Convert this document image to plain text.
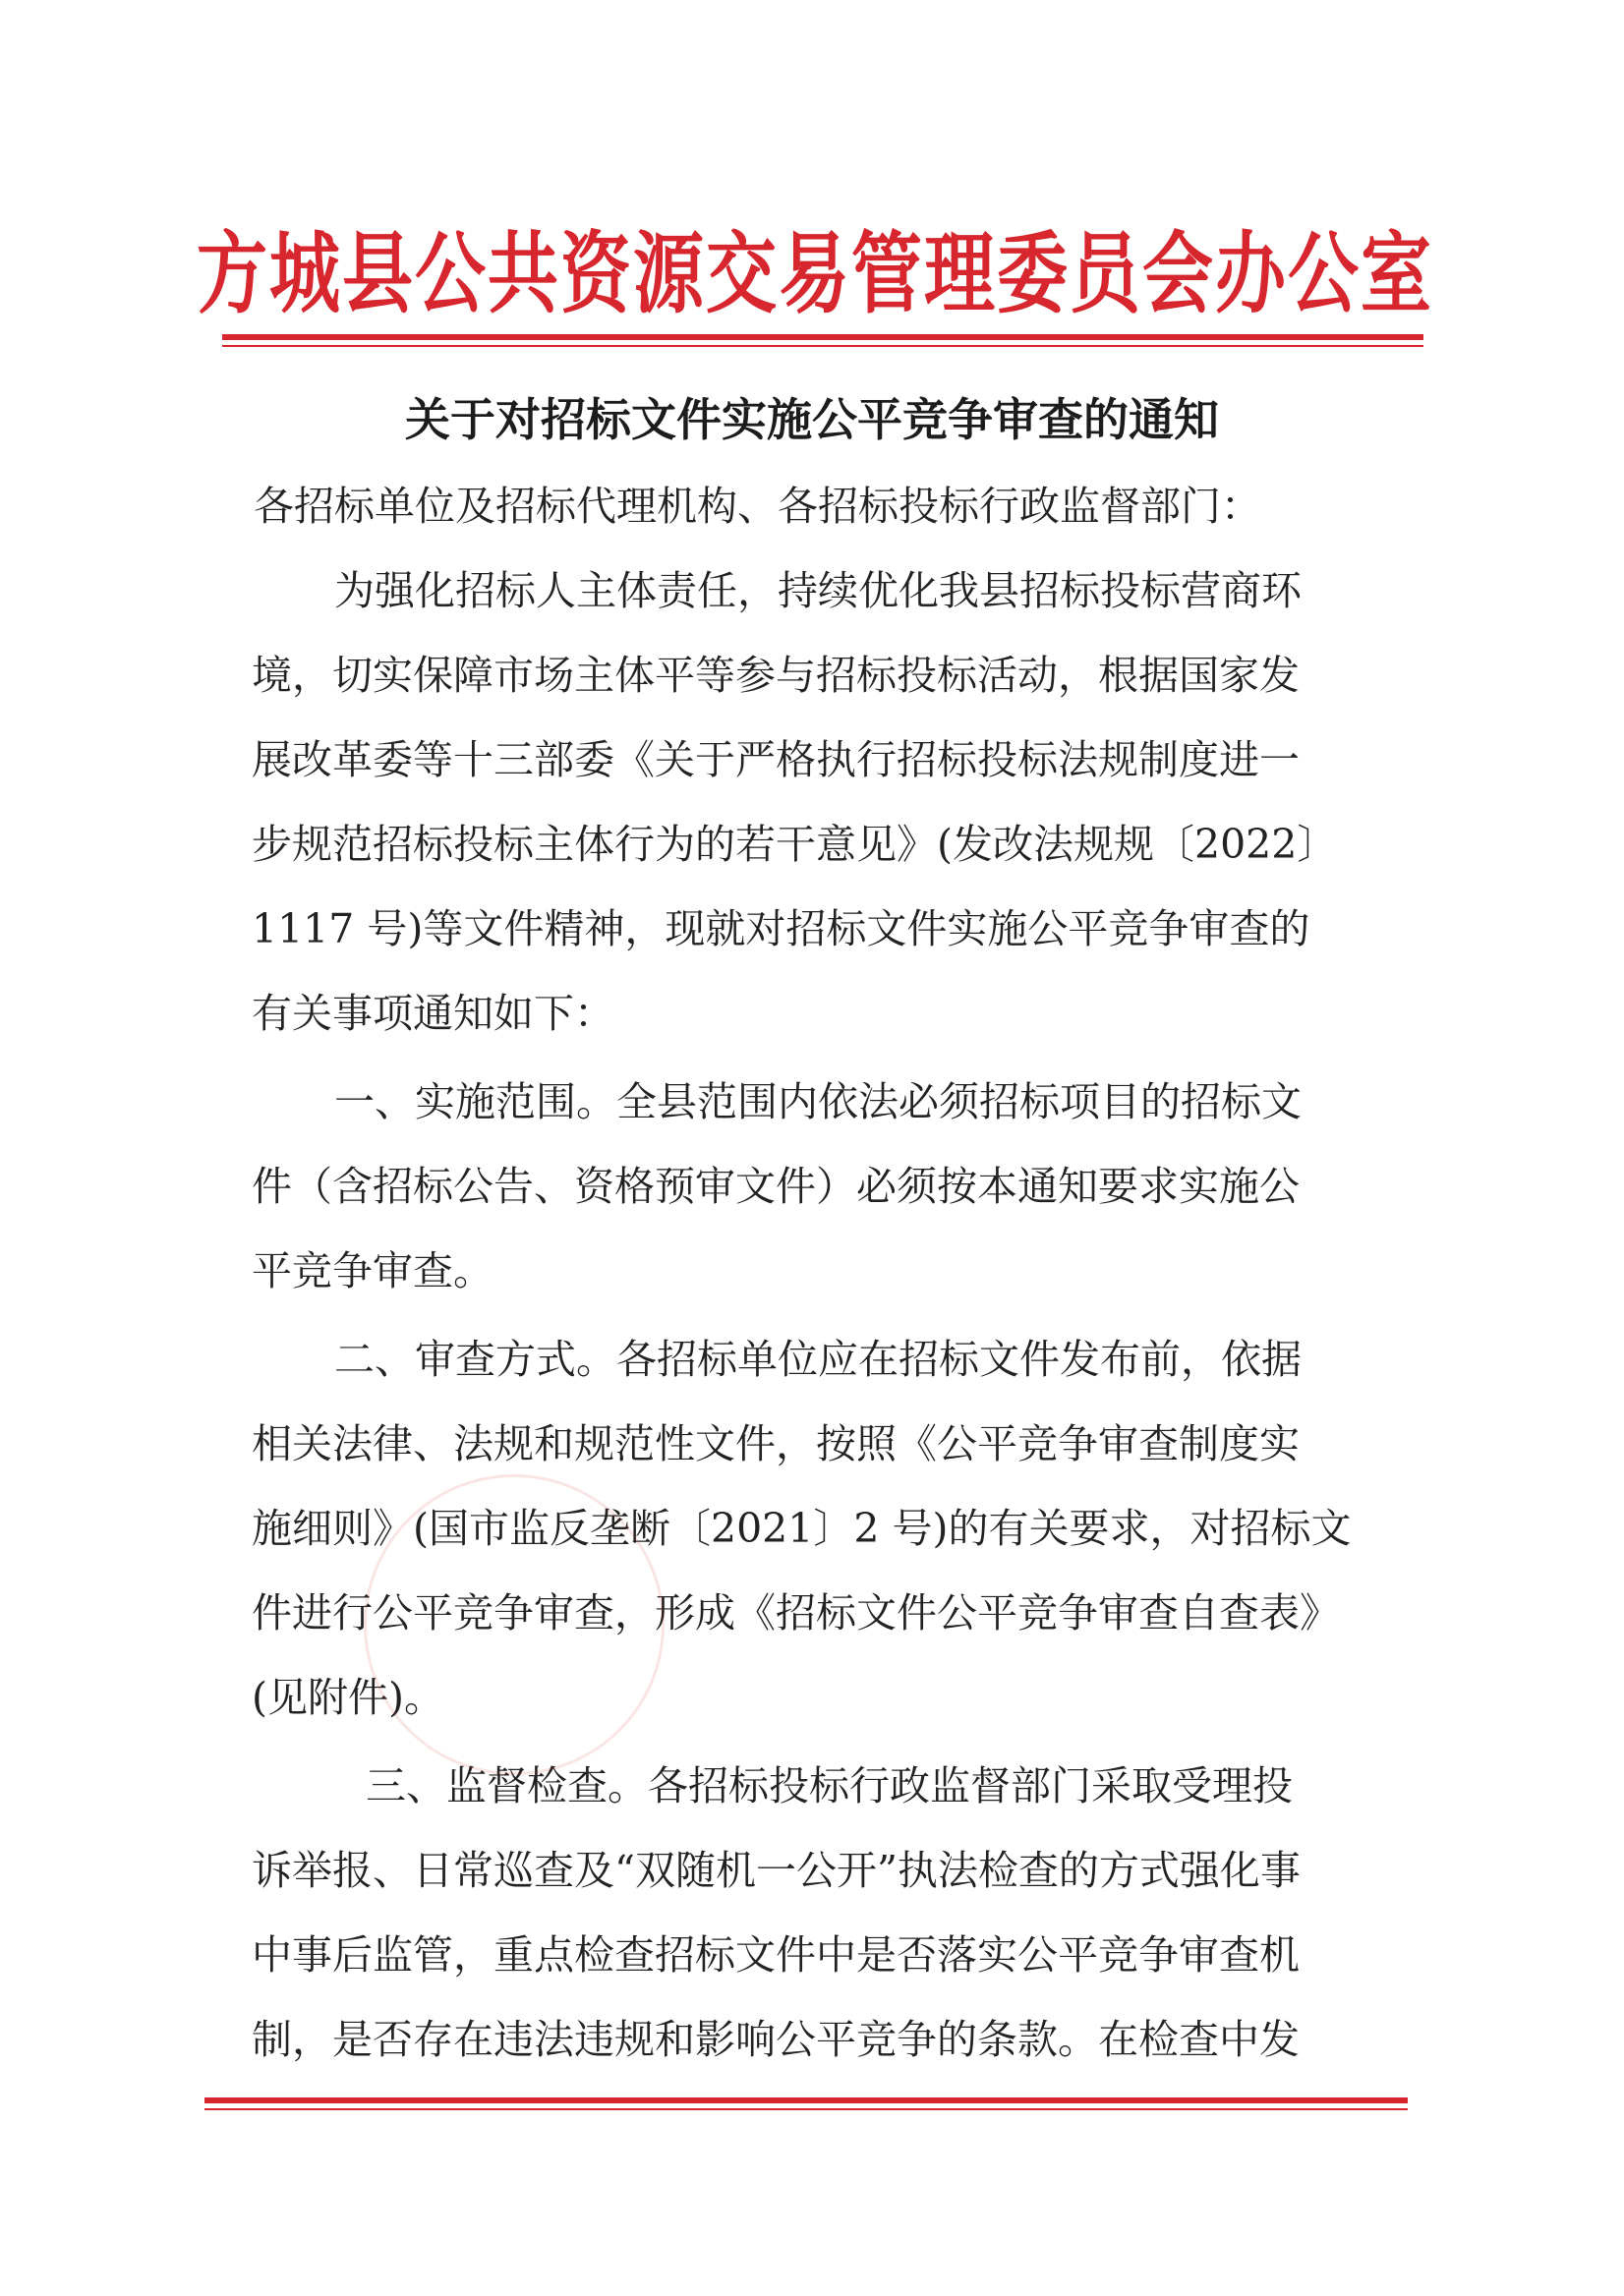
方城县公共资源交易管理委员会办公室
关于对招标文件实施公平竞争审查的通知
各招标单位及招标代理机构、各招标投标行政监督部门：
为强化招标人主体责任，持续优化我县招标投标营商环
境，切实保障市场主体平等参与招标投标活动，根据国家发
展改革委等十三部委《关于严格执行招标投标法规制度进一
步规范招标投标主体行为的若干意见》(发改法规规〔2022〕
1117 号)等文件精神，现就对招标文件实施公平竞争审查的
有关事项通知如下：
一、实施范围。全县范围内依法必须招标项目的招标文
件（含招标公告、资格预审文件）必须按本通知要求实施公
平竞争审查。
二、审查方式。各招标单位应在招标文件发布前，依据
相关法律、法规和规范性文件，按照《公平竞争审查制度实
施细则》(国市监反垄断〔2021〕2 号)的有关要求，对招标文
件进行公平竞争审查，形成《招标文件公平竞争审查自查表》
(见附件)。
三、监督检查。各招标投标行政监督部门采取受理投
诉举报、日常巡查及“双随机一公开”执法检查的方式强化事
中事后监管，重点检查招标文件中是否落实公平竞争审查机
制，是否存在违法违规和影响公平竞争的条款。在检查中发
